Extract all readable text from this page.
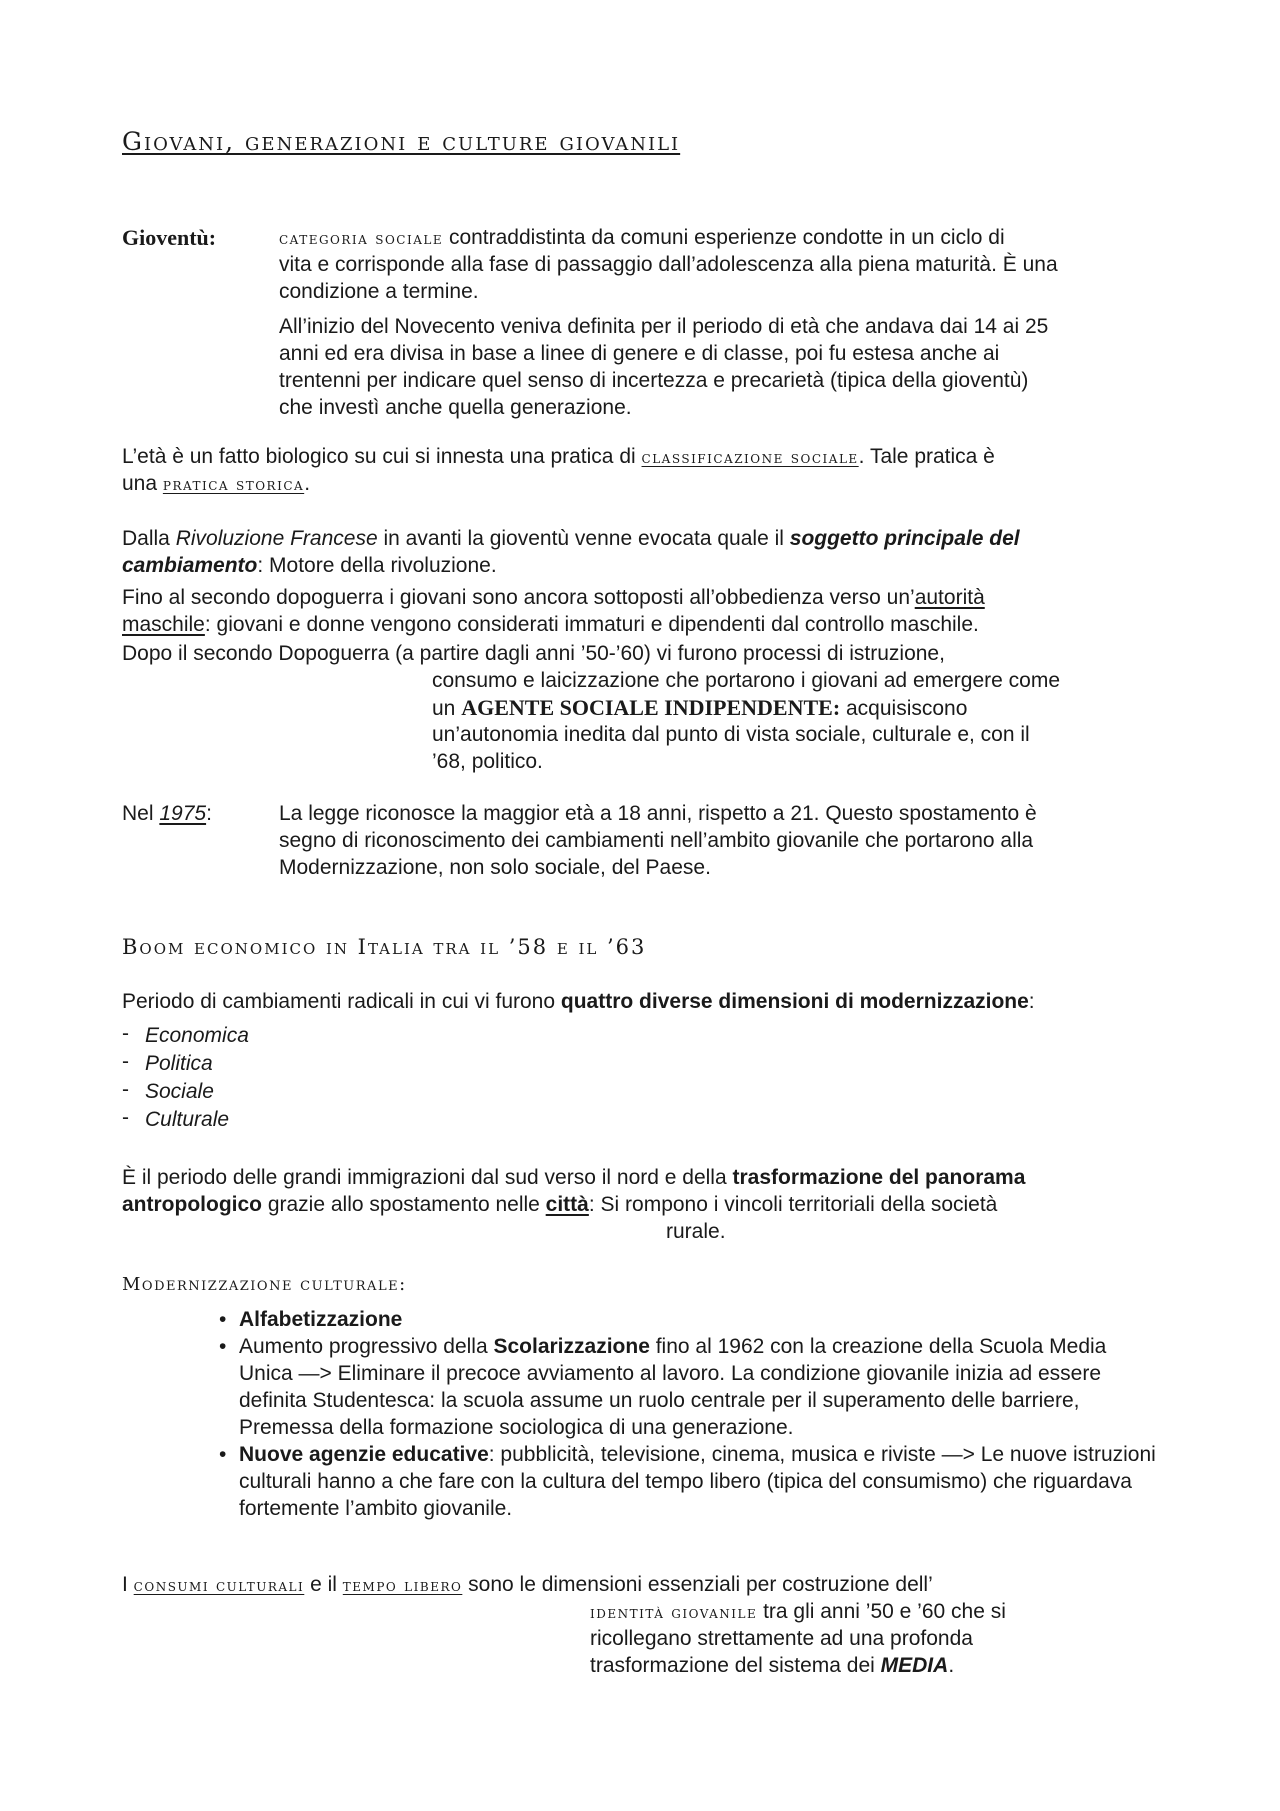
Giovani, generazioni e culture giovanili
Gioventù:	categoria sociale contraddistinta da comuni esperienze condotte in un ciclo di
vita e corrisponde alla fase di passaggio dall’adolescenza alla piena maturità. È una
condizione a termine.
All’inizio del Novecento veniva definita per il periodo di età che andava dai 14 ai 25
anni ed era divisa in base a linee di genere e di classe, poi fu estesa anche ai
trentenni per indicare quel senso di incertezza e precarietà (tipica della gioventù)
che investì anche quella generazione.
L’età è un fatto biologico su cui si innesta una pratica di classificazione sociale. Tale pratica è
una pratica storica.
Dalla Rivoluzione Francese in avanti la gioventù venne evocata quale il soggetto principale del
cambiamento: Motore della rivoluzione.
Fino al secondo dopoguerra i giovani sono ancora sottoposti all’obbedienza verso un’autorità
maschile: giovani e donne vengono considerati immaturi e dipendenti dal controllo maschile.
Dopo il secondo Dopoguerra (a partire dagli anni ’50-’60) vi furono processi di istruzione,
consumo e laicizzazione che portarono i giovani ad emergere come
un AGENTE SOCIALE INDIPENDENTE: acquisiscono
un’autonomia inedita dal punto di vista sociale, culturale e, con il
’68, politico.
Nel 1975:	La legge riconosce la maggior età a 18 anni, rispetto a 21. Questo spostamento è
segno di riconoscimento dei cambiamenti nell’ambito giovanile che portarono alla
Modernizzazione, non solo sociale, del Paese.
Boom economico in Italia tra il ’58 e il ’63
Periodo di cambiamenti radicali in cui vi furono quattro diverse dimensioni di modernizzazione:
- Economica
- Politica
- Sociale
- Culturale
È il periodo delle grandi immigrazioni dal sud verso il nord e della trasformazione del panorama
antropologico grazie allo spostamento nelle città: Si rompono i vincoli territoriali della società
rurale.
Modernizzazione culturale:
• Alfabetizzazione
• Aumento progressivo della Scolarizzazione fino al 1962 con la creazione della Scuola Media Unica —> Eliminare il precoce avviamento al lavoro. La condizione giovanile inizia ad essere definita Studentesca: la scuola assume un ruolo centrale per il superamento delle barriere, Premessa della formazione sociologica di una generazione.
• Nuove agenzie educative: pubblicità, televisione, cinema, musica e riviste —> Le nuove istruzioni culturali hanno a che fare con la cultura del tempo libero (tipica del consumismo) che riguardava fortemente l’ambito giovanile.
I consumi culturali e il tempo libero sono le dimensioni essenziali per costruzione dell’
identità giovanile tra gli anni ’50 e ’60 che si
ricollegano strettamente ad una profonda
trasformazione del sistema dei MEDIA.
